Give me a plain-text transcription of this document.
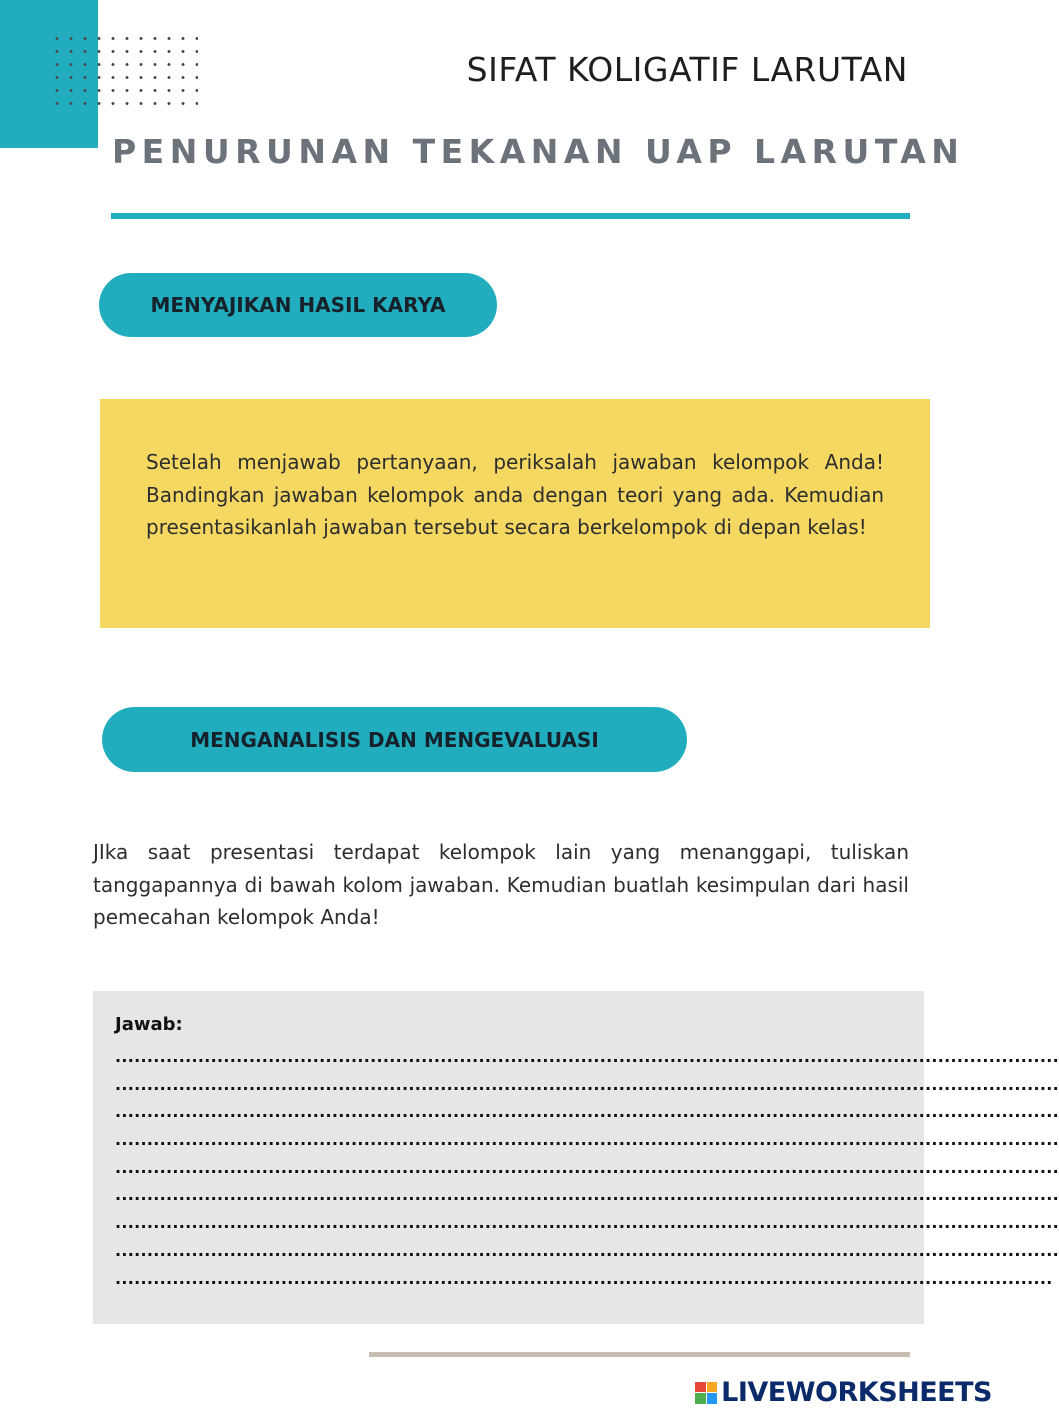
SIFAT KOLIGATIF LARUTAN
PENURUNAN TEKANAN UAP LARUTAN
MENYAJIKAN HASIL KARYA
Setelah menjawab pertanyaan, periksalah jawaban kelompok Anda! Bandingkan jawaban kelompok anda dengan teori yang ada. Kemudian presentasikanlah jawaban tersebut secara berkelompok di depan kelas!
MENGANALISIS DAN MENGEVALUASI
JIka saat presentasi terdapat kelompok lain yang menanggapi, tuliskan tanggapannya di bawah kolom jawaban. Kemudian buatlah kesimpulan dari hasil pemecahan kelompok Anda!
Jawab:
....................................................................................................................................................
....................................................................................................................................................
....................................................................................................................................................
....................................................................................................................................................
....................................................................................................................................................
....................................................................................................................................................
....................................................................................................................................................
....................................................................................................................................................
...................................................................................................................................................
LIVEWORKSHEETS
